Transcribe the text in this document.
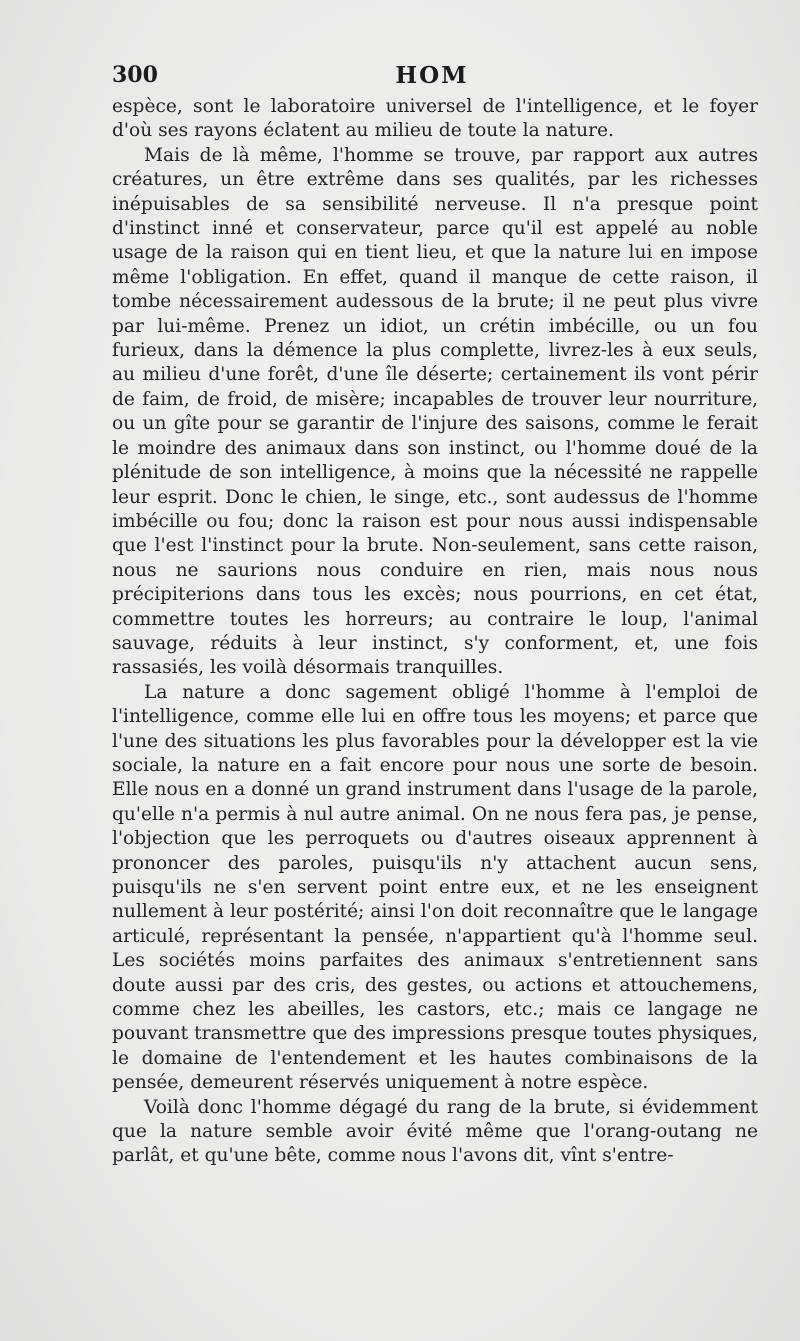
300	HOM

espèce, sont le laboratoire universel de l'intelligence, et le foyer d'où ses rayons éclatent au milieu de toute la nature.

Mais de là même, l'homme se trouve, par rapport aux autres créatures, un être extrême dans ses qualités, par les richesses inépuisables de sa sensibilité nerveuse. Il n'a presque point d'instinct inné et conservateur, parce qu'il est appelé au noble usage de la raison qui en tient lieu, et que la nature lui en impose même l'obligation. En effet, quand il manque de cette raison, il tombe nécessairement audessous de la brute; il ne peut plus vivre par lui-même. Prenez un idiot, un crétin imbécille, ou un fou furieux, dans la démence la plus complette, livrez-les à eux seuls, au milieu d'une forêt, d'une île déserte; certainement ils vont périr de faim, de froid, de misère; incapables de trouver leur nourriture, ou un gîte pour se garantir de l'injure des saisons, comme le ferait le moindre des animaux dans son instinct, ou l'homme doué de la plénitude de son intelligence, à moins que la nécessité ne rappelle leur esprit. Donc le chien, le singe, etc., sont audessus de l'homme imbécille ou fou; donc la raison est pour nous aussi indispensable que l'est l'instinct pour la brute. Non-seulement, sans cette raison, nous ne saurions nous conduire en rien, mais nous nous précipiterions dans tous les excès; nous pourrions, en cet état, commettre toutes les horreurs; au contraire le loup, l'animal sauvage, réduits à leur instinct, s'y conforment, et, une fois rassasiés, les voilà désormais tranquilles.

La nature a donc sagement obligé l'homme à l'emploi de l'intelligence, comme elle lui en offre tous les moyens; et parce que l'une des situations les plus favorables pour la développer est la vie sociale, la nature en a fait encore pour nous une sorte de besoin. Elle nous en a donné un grand instrument dans l'usage de la parole, qu'elle n'a permis à nul autre animal. On ne nous fera pas, je pense, l'objection que les perroquets ou d'autres oiseaux apprennent à prononcer des paroles, puisqu'ils n'y attachent aucun sens, puisqu'ils ne s'en servent point entre eux, et ne les enseignent nullement à leur postérité; ainsi l'on doit reconnaître que le langage articulé, représentant la pensée, n'appartient qu'à l'homme seul. Les sociétés moins parfaites des animaux s'entretiennent sans doute aussi par des cris, des gestes, ou actions et attouchemens, comme chez les abeilles, les castors, etc.; mais ce langage ne pouvant transmettre que des impressions presque toutes physiques, le domaine de l'entendement et les hautes combinaisons de la pensée, demeurent réservés uniquement à notre espèce.

Voilà donc l'homme dégagé du rang de la brute, si évidemment que la nature semble avoir évité même que l'orang-outang ne parlât, et qu'une bête, comme nous l'avons dit, vînt s'entre-
